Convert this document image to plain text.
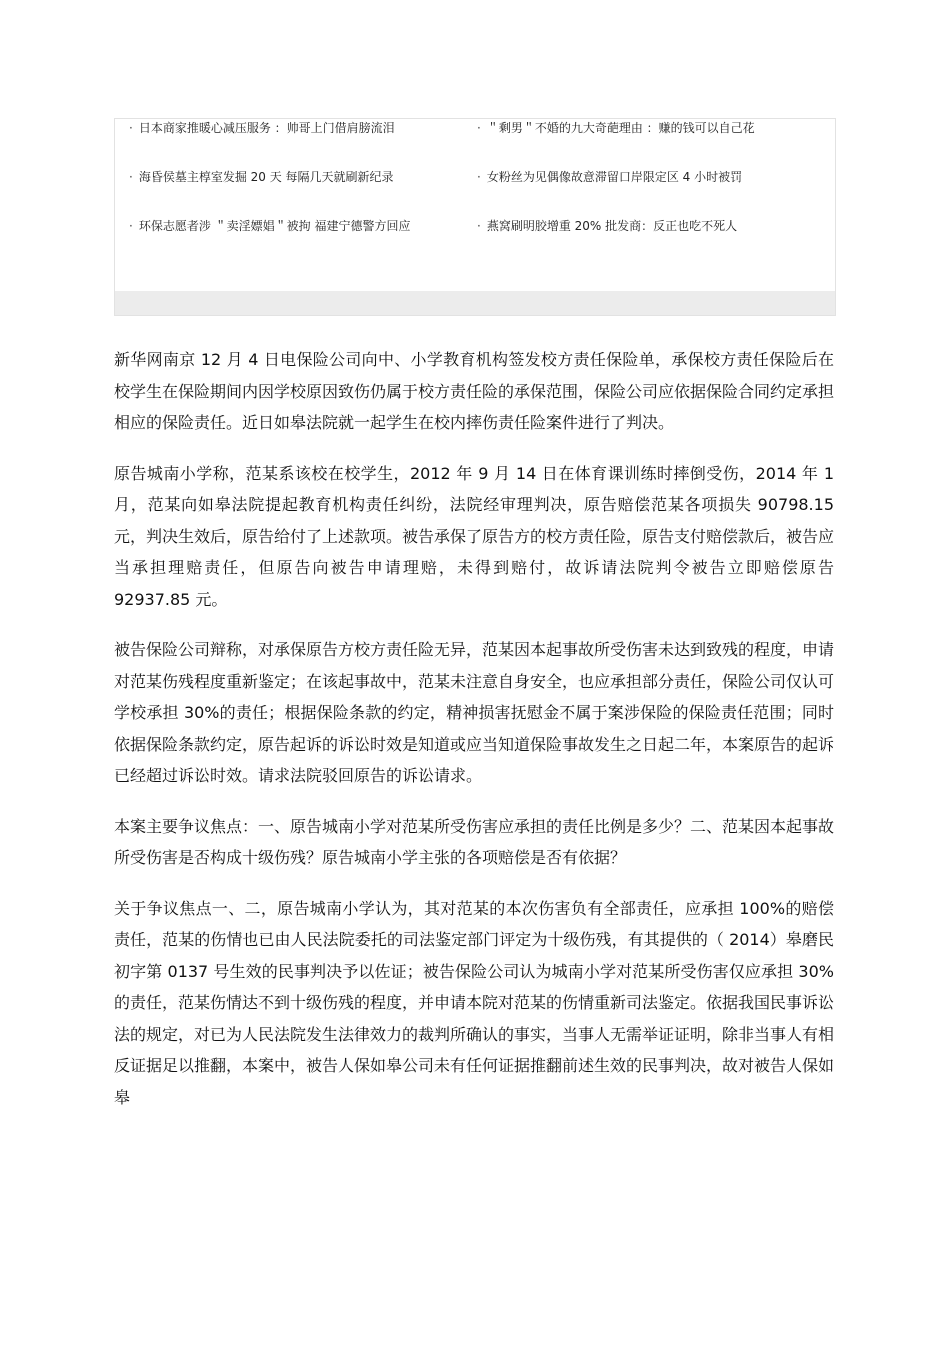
· 日本商家推暖心减压服务 ：帅哥上门借肩膀流泪
· 海昏侯墓主椁室发掘 20 天 每隔几天就刷新纪录
· 环保志愿者涉 ＂卖淫嫖娼＂被拘 福建宁德警方回应
· ＂剩男＂不婚的九大奇葩理由 ：赚的钱可以自己花
· 女粉丝为见偶像故意滞留口岸限定区 4 小时被罚
· 燕窝刷明胶增重 20% 批发商：反正也吃不死人

新华网南京 12 月 4 日电保险公司向中、小学教育机构签发校方责任保险单，承保校方责任保险后在校学生在保险期间内因学校原因致伤仍属于校方责任险的承保范围，保险公司应依据保险合同约定承担相应的保险责任。近日如皋法院就一起学生在校内摔伤责任险案件进行了判决。

原告城南小学称，范某系该校在校学生，2012 年 9 月 14 日在体育课训练时摔倒受伤，2014 年 1 月，范某向如皋法院提起教育机构责任纠纷，法院经审理判决，原告赔偿范某各项损失 90798.15 元，判决生效后，原告给付了上述款项。被告承保了原告方的校方责任险，原告支付赔偿款后，被告应当承担理赔责任，但原告向被告申请理赔，未得到赔付，故诉请法院判令被告立即赔偿原告 92937.85 元。

被告保险公司辩称，对承保原告方校方责任险无异，范某因本起事故所受伤害未达到致残的程度，申请对范某伤残程度重新鉴定；在该起事故中，范某未注意自身安全，也应承担部分责任，保险公司仅认可学校承担 30%的责任；根据保险条款的约定，精神损害抚慰金不属于案涉保险的保险责任范围；同时依据保险条款约定，原告起诉的诉讼时效是知道或应当知道保险事故发生之日起二年，本案原告的起诉已经超过诉讼时效。请求法院驳回原告的诉讼请求。

本案主要争议焦点：一、原告城南小学对范某所受伤害应承担的责任比例是多少？二、范某因本起事故所受伤害是否构成十级伤残？原告城南小学主张的各项赔偿是否有依据？

关于争议焦点一、二，原告城南小学认为，其对范某的本次伤害负有全部责任，应承担 100%的赔偿责任，范某的伤情也已由人民法院委托的司法鉴定部门评定为十级伤残，有其提供的（ 2014）皋磨民初字第 0137 号生效的民事判决予以佐证；被告保险公司认为城南小学对范某所受伤害仅应承担 30%的责任，范某伤情达不到十级伤残的程度，并申请本院对范某的伤情重新司法鉴定。依据我国民事诉讼法的规定，对已为人民法院发生法律效力的裁判所确认的事实，当事人无需举证证明，除非当事人有相反证据足以推翻，本案中，被告人保如皋公司未有任何证据推翻前述生效的民事判决，故对被告人保如皋
